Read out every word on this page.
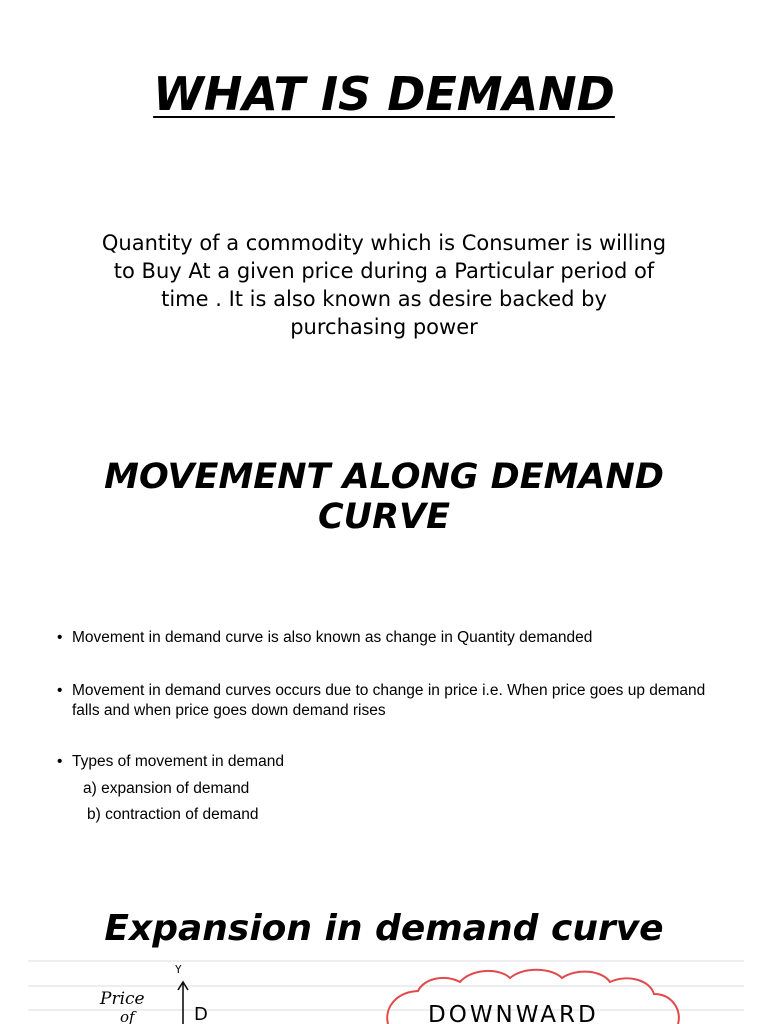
WHAT IS DEMAND

Quantity of a commodity which is Consumer is willing to Buy At a given price during a Particular period of time . It is also known as desire backed by purchasing power

MOVEMENT ALONG DEMAND CURVE
• Movement in demand curve is also known as change in Quantity demanded
• Movement in demand curves occurs due to change in price i.e. When price goes up demand falls and when price goes down demand rises
• Types of movement in demand
a) expansion of demand
b) contraction of demand
Expansion in demand curve
Y
Price
of	D	DOWNWARD
